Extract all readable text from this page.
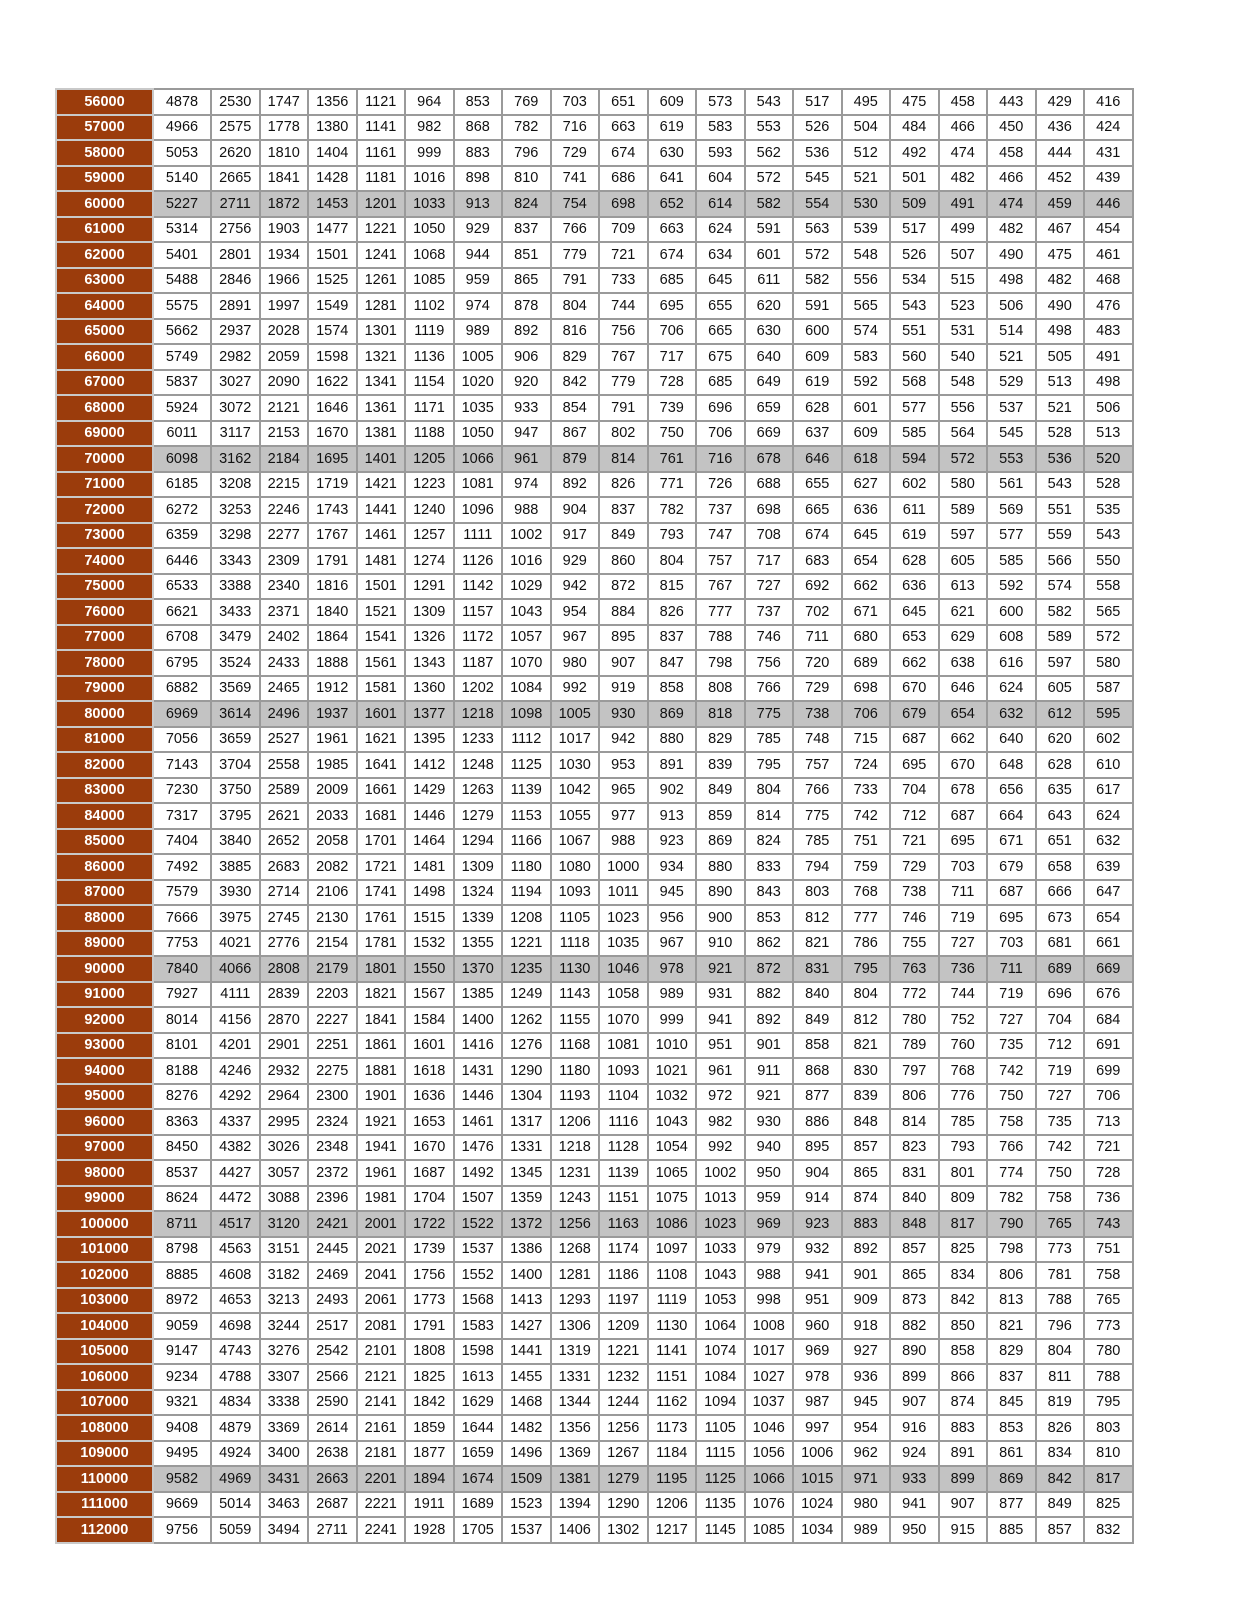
56000	4878	2530	1747	1356	1121	964	853	769	703	651	609	573	543	517	495	475	458	443	429	416
57000	4966	2575	1778	1380	1141	982	868	782	716	663	619	583	553	526	504	484	466	450	436	424
58000	5053	2620	1810	1404	1161	999	883	796	729	674	630	593	562	536	512	492	474	458	444	431
59000	5140	2665	1841	1428	1181	1016	898	810	741	686	641	604	572	545	521	501	482	466	452	439
60000	5227	2711	1872	1453	1201	1033	913	824	754	698	652	614	582	554	530	509	491	474	459	446
61000	5314	2756	1903	1477	1221	1050	929	837	766	709	663	624	591	563	539	517	499	482	467	454
62000	5401	2801	1934	1501	1241	1068	944	851	779	721	674	634	601	572	548	526	507	490	475	461
63000	5488	2846	1966	1525	1261	1085	959	865	791	733	685	645	611	582	556	534	515	498	482	468
64000	5575	2891	1997	1549	1281	1102	974	878	804	744	695	655	620	591	565	543	523	506	490	476
65000	5662	2937	2028	1574	1301	1119	989	892	816	756	706	665	630	600	574	551	531	514	498	483
66000	5749	2982	2059	1598	1321	1136	1005	906	829	767	717	675	640	609	583	560	540	521	505	491
67000	5837	3027	2090	1622	1341	1154	1020	920	842	779	728	685	649	619	592	568	548	529	513	498
68000	5924	3072	2121	1646	1361	1171	1035	933	854	791	739	696	659	628	601	577	556	537	521	506
69000	6011	3117	2153	1670	1381	1188	1050	947	867	802	750	706	669	637	609	585	564	545	528	513
70000	6098	3162	2184	1695	1401	1205	1066	961	879	814	761	716	678	646	618	594	572	553	536	520
71000	6185	3208	2215	1719	1421	1223	1081	974	892	826	771	726	688	655	627	602	580	561	543	528
72000	6272	3253	2246	1743	1441	1240	1096	988	904	837	782	737	698	665	636	611	589	569	551	535
73000	6359	3298	2277	1767	1461	1257	1111	1002	917	849	793	747	708	674	645	619	597	577	559	543
74000	6446	3343	2309	1791	1481	1274	1126	1016	929	860	804	757	717	683	654	628	605	585	566	550
75000	6533	3388	2340	1816	1501	1291	1142	1029	942	872	815	767	727	692	662	636	613	592	574	558
76000	6621	3433	2371	1840	1521	1309	1157	1043	954	884	826	777	737	702	671	645	621	600	582	565
77000	6708	3479	2402	1864	1541	1326	1172	1057	967	895	837	788	746	711	680	653	629	608	589	572
78000	6795	3524	2433	1888	1561	1343	1187	1070	980	907	847	798	756	720	689	662	638	616	597	580
79000	6882	3569	2465	1912	1581	1360	1202	1084	992	919	858	808	766	729	698	670	646	624	605	587
80000	6969	3614	2496	1937	1601	1377	1218	1098	1005	930	869	818	775	738	706	679	654	632	612	595
81000	7056	3659	2527	1961	1621	1395	1233	1112	1017	942	880	829	785	748	715	687	662	640	620	602
82000	7143	3704	2558	1985	1641	1412	1248	1125	1030	953	891	839	795	757	724	695	670	648	628	610
83000	7230	3750	2589	2009	1661	1429	1263	1139	1042	965	902	849	804	766	733	704	678	656	635	617
84000	7317	3795	2621	2033	1681	1446	1279	1153	1055	977	913	859	814	775	742	712	687	664	643	624
85000	7404	3840	2652	2058	1701	1464	1294	1166	1067	988	923	869	824	785	751	721	695	671	651	632
86000	7492	3885	2683	2082	1721	1481	1309	1180	1080	1000	934	880	833	794	759	729	703	679	658	639
87000	7579	3930	2714	2106	1741	1498	1324	1194	1093	1011	945	890	843	803	768	738	711	687	666	647
88000	7666	3975	2745	2130	1761	1515	1339	1208	1105	1023	956	900	853	812	777	746	719	695	673	654
89000	7753	4021	2776	2154	1781	1532	1355	1221	1118	1035	967	910	862	821	786	755	727	703	681	661
90000	7840	4066	2808	2179	1801	1550	1370	1235	1130	1046	978	921	872	831	795	763	736	711	689	669
91000	7927	4111	2839	2203	1821	1567	1385	1249	1143	1058	989	931	882	840	804	772	744	719	696	676
92000	8014	4156	2870	2227	1841	1584	1400	1262	1155	1070	999	941	892	849	812	780	752	727	704	684
93000	8101	4201	2901	2251	1861	1601	1416	1276	1168	1081	1010	951	901	858	821	789	760	735	712	691
94000	8188	4246	2932	2275	1881	1618	1431	1290	1180	1093	1021	961	911	868	830	797	768	742	719	699
95000	8276	4292	2964	2300	1901	1636	1446	1304	1193	1104	1032	972	921	877	839	806	776	750	727	706
96000	8363	4337	2995	2324	1921	1653	1461	1317	1206	1116	1043	982	930	886	848	814	785	758	735	713
97000	8450	4382	3026	2348	1941	1670	1476	1331	1218	1128	1054	992	940	895	857	823	793	766	742	721
98000	8537	4427	3057	2372	1961	1687	1492	1345	1231	1139	1065	1002	950	904	865	831	801	774	750	728
99000	8624	4472	3088	2396	1981	1704	1507	1359	1243	1151	1075	1013	959	914	874	840	809	782	758	736
100000	8711	4517	3120	2421	2001	1722	1522	1372	1256	1163	1086	1023	969	923	883	848	817	790	765	743
101000	8798	4563	3151	2445	2021	1739	1537	1386	1268	1174	1097	1033	979	932	892	857	825	798	773	751
102000	8885	4608	3182	2469	2041	1756	1552	1400	1281	1186	1108	1043	988	941	901	865	834	806	781	758
103000	8972	4653	3213	2493	2061	1773	1568	1413	1293	1197	1119	1053	998	951	909	873	842	813	788	765
104000	9059	4698	3244	2517	2081	1791	1583	1427	1306	1209	1130	1064	1008	960	918	882	850	821	796	773
105000	9147	4743	3276	2542	2101	1808	1598	1441	1319	1221	1141	1074	1017	969	927	890	858	829	804	780
106000	9234	4788	3307	2566	2121	1825	1613	1455	1331	1232	1151	1084	1027	978	936	899	866	837	811	788
107000	9321	4834	3338	2590	2141	1842	1629	1468	1344	1244	1162	1094	1037	987	945	907	874	845	819	795
108000	9408	4879	3369	2614	2161	1859	1644	1482	1356	1256	1173	1105	1046	997	954	916	883	853	826	803
109000	9495	4924	3400	2638	2181	1877	1659	1496	1369	1267	1184	1115	1056	1006	962	924	891	861	834	810
110000	9582	4969	3431	2663	2201	1894	1674	1509	1381	1279	1195	1125	1066	1015	971	933	899	869	842	817
111000	9669	5014	3463	2687	2221	1911	1689	1523	1394	1290	1206	1135	1076	1024	980	941	907	877	849	825
112000	9756	5059	3494	2711	2241	1928	1705	1537	1406	1302	1217	1145	1085	1034	989	950	915	885	857	832
